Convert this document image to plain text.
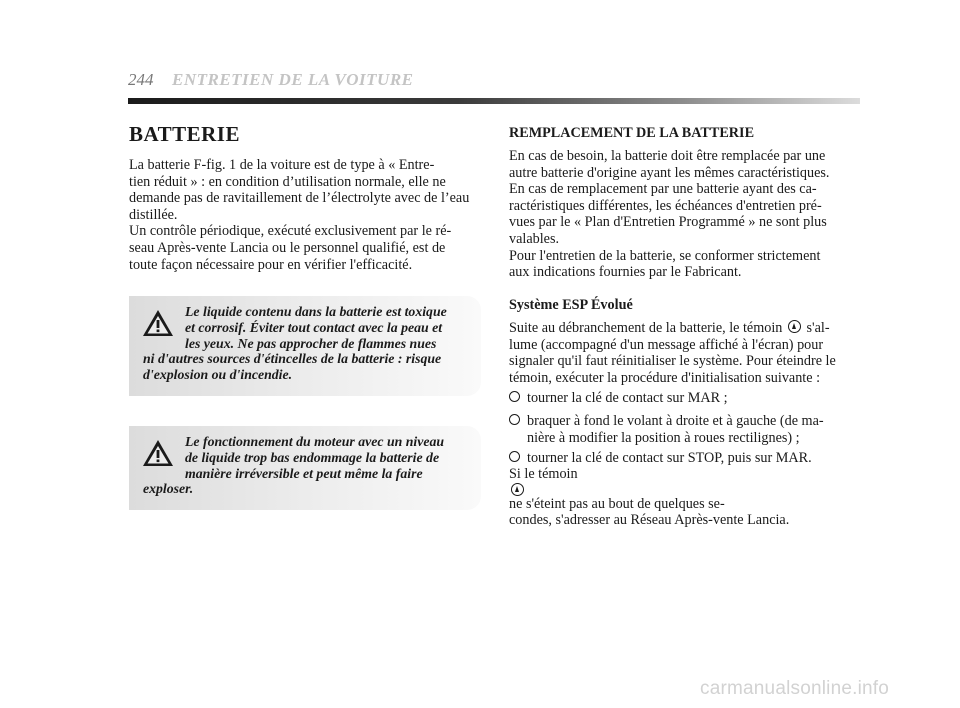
244 ENTRETIEN DE LA VOITURE
BATTERIE
La batterie F-fig. 1 de la voiture est de type à « Entre-
tien réduit » : en condition d’utilisation normale, elle ne
demande pas de ravitaillement de l’électrolyte avec de l’eau
distillée.
Un contrôle périodique, exécuté exclusivement par le ré-
seau Après-vente Lancia ou le personnel qualifié, est de
toute façon nécessaire pour en vérifier l'efficacité.
Le liquide contenu dans la batterie est toxique
et corrosif. Éviter tout contact avec la peau et
les yeux. Ne pas approcher de flammes nues
ni d'autres sources d'étincelles de la batterie : risque
d'explosion ou d'incendie.
Le fonctionnement du moteur avec un niveau
de liquide trop bas endommage la batterie de
manière irréversible et peut même la faire
exploser.
REMPLACEMENT DE LA BATTERIE
En cas de besoin, la batterie doit être remplacée par une
autre batterie d'origine ayant les mêmes caractéristiques.
En cas de remplacement par une batterie ayant des ca-
ractéristiques différentes, les échéances d'entretien pré-
vues par le « Plan d'Entretien Programmé » ne sont plus
valables.
Pour l'entretien de la batterie, se conformer strictement
aux indications fournies par le Fabricant.
Système ESP Évolué
Suite au débranchement de la batterie, le témoin s'al-
lume (accompagné d'un message affiché à l'écran) pour
signaler qu'il faut réinitialiser le système. Pour éteindre le
témoin, exécuter la procédure d'initialisation suivante :
tourner la clé de contact sur MAR ;
braquer à fond le volant à droite et à gauche (de ma-
nière à modifier la position à roues rectilignes) ;
tourner la clé de contact sur STOP, puis sur MAR.
Si le témoin
ne s'éteint pas au bout de quelques se-
condes, s'adresser au Réseau Après-vente Lancia.
carmanualsonline.info
